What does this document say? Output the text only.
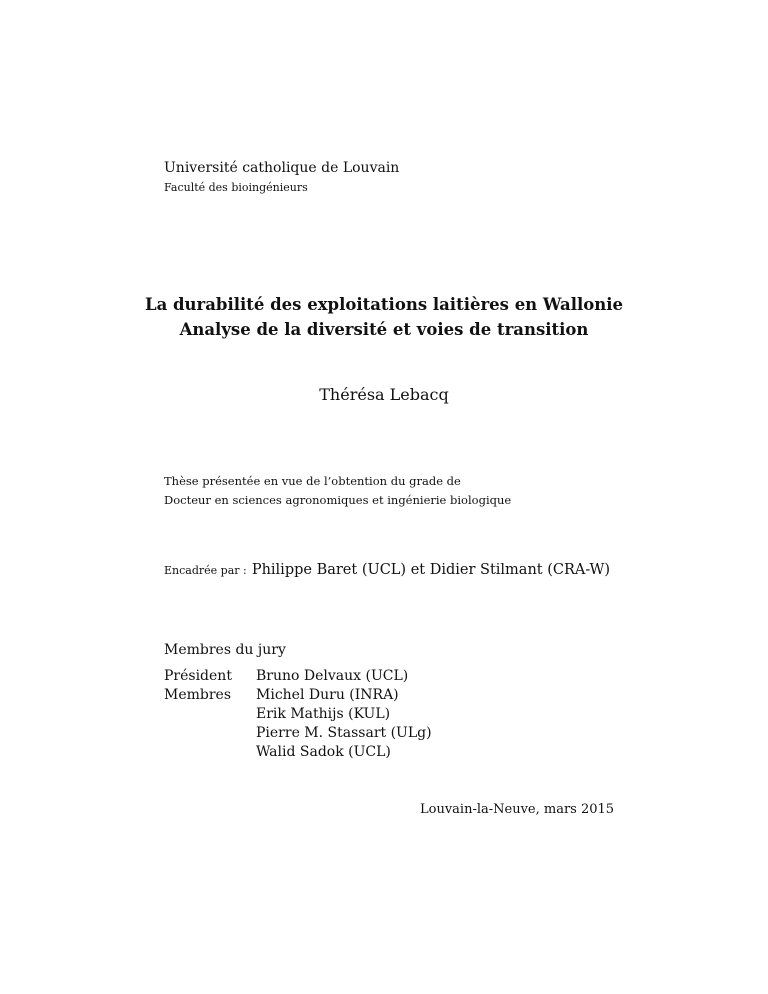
Université catholique de Louvain
Faculté des bioingénieurs
La durabilité des exploitations laitières en Wallonie
Analyse de la diversité et voies de transition
Thérésa Lebacq
Thèse présentée en vue de l’obtention du grade de
Docteur en sciences agronomiques et ingénierie biologique
Encadrée par : Philippe Baret (UCL) et Didier Stilmant (CRA-W)
Membres du jury
Président
Membres
Bruno Delvaux (UCL)
Michel Duru (INRA)
Erik Mathijs (KUL)
Pierre M. Stassart (ULg)
Walid Sadok (UCL)
Louvain-la-Neuve, mars 2015
